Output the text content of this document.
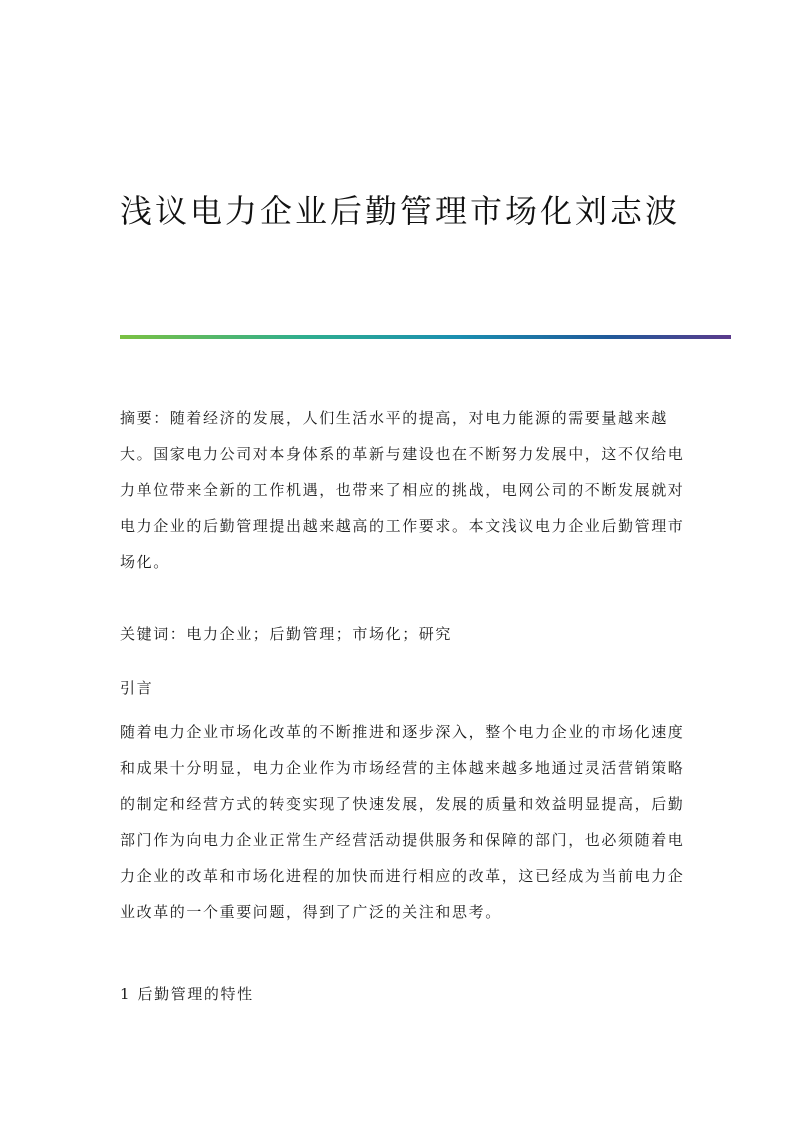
浅议电力企业后勤管理市场化刘志波

摘要：随着经济的发展，人们生活水平的提高，对电力能源的需要量越来越大。国家电力公司对本身体系的革新与建设也在不断努力发展中，这不仅给电力单位带来全新的工作机遇，也带来了相应的挑战，电网公司的不断发展就对电力企业的后勤管理提出越来越高的工作要求。本文浅议电力企业后勤管理市场化。

关键词：电力企业；后勤管理；市场化；研究

引言

随着电力企业市场化改革的不断推进和逐步深入，整个电力企业的市场化速度和成果十分明显，电力企业作为市场经营的主体越来越多地通过灵活营销策略的制定和经营方式的转变实现了快速发展，发展的质量和效益明显提高，后勤部门作为向电力企业正常生产经营活动提供服务和保障的部门，也必须随着电力企业的改革和市场化进程的加快而进行相应的改革，这已经成为当前电力企业改革的一个重要问题，得到了广泛的关注和思考。

1 后勤管理的特性
